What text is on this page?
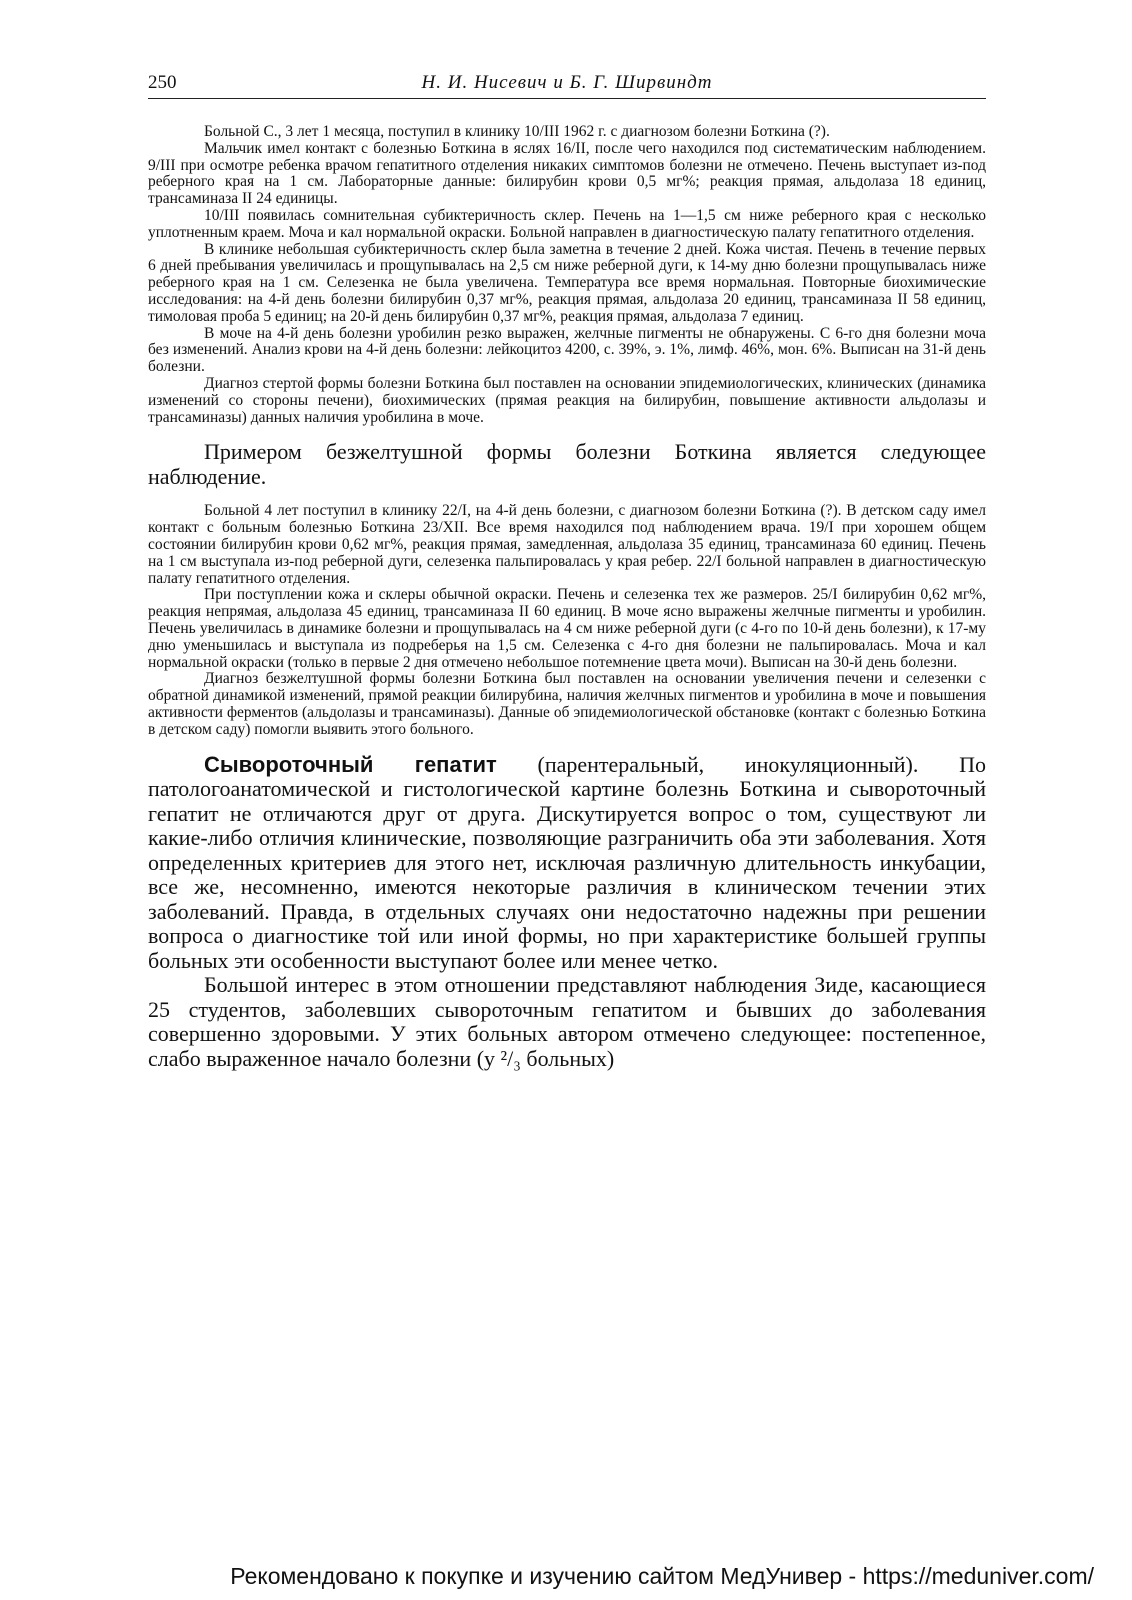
250	Н. И. Нисевич и Б. Г. Ширвиндт

Больной С., 3 лет 1 месяца, поступил в клинику 10/III 1962 г. с диагнозом болезни Боткина (?).

Мальчик имел контакт с болезнью Боткина в яслях 16/II, после чего находился под систематическим наблюдением. 9/III при осмотре ребенка врачом гепатитного отделения никаких симптомов болезни не отмечено. Печень выступает из-под реберного края на 1 см. Лабораторные данные: билирубин крови 0,5 мг%; реакция прямая, альдолаза 18 единиц, трансаминаза II 24 единицы.

10/III появилась сомнительная субиктеричность склер. Печень на 1—1,5 см ниже реберного края с несколько уплотненным краем. Моча и кал нормальной окраски. Больной направлен в диагностическую палату гепатитного отделения.

В клинике небольшая субиктеричность склер была заметна в течение 2 дней. Кожа чистая. Печень в течение первых 6 дней пребывания увеличилась и прощупывалась на 2,5 см ниже реберной дуги, к 14-му дню болезни прощупывалась ниже реберного края на 1 см. Селезенка не была увеличена. Температура все время нормальная. Повторные биохимические исследования: на 4-й день болезни билирубин 0,37 мг%, реакция прямая, альдолаза 20 единиц, трансаминаза II 58 единиц, тимоловая проба 5 единиц; на 20-й день билирубин 0,37 мг%, реакция прямая, альдолаза 7 единиц.

В моче на 4-й день болезни уробилин резко выражен, желчные пигменты не обнаружены. С 6-го дня болезни моча без изменений. Анализ крови на 4-й день болезни: лейкоцитоз 4200, с. 39%, э. 1%, лимф. 46%, мон. 6%. Выписан на 31-й день болезни.

Диагноз стертой формы болезни Боткина был поставлен на основании эпидемиологических, клинических (динамика изменений со стороны печени), биохимических (прямая реакция на билирубин, повышение активности альдолазы и трансаминазы) данных наличия уробилина в моче.

Примером безжелтушной формы болезни Боткина является следующее наблюдение.

Больной 4 лет поступил в клинику 22/I, на 4-й день болезни, с диагнозом болезни Боткина (?). В детском саду имел контакт с больным болезнью Боткина 23/XII. Все время находился под наблюдением врача. 19/I при хорошем общем состоянии билирубин крови 0,62 мг%, реакция прямая, замедленная, альдолаза 35 единиц, трансаминаза 60 единиц. Печень на 1 см выступала из-под реберной дуги, селезенка пальпировалась у края ребер. 22/I больной направлен в диагностическую палату гепатитного отделения.

При поступлении кожа и склеры обычной окраски. Печень и селезенка тех же размеров. 25/I билирубин 0,62 мг%, реакция непрямая, альдолаза 45 единиц, трансаминаза II 60 единиц. В моче ясно выражены желчные пигменты и уробилин. Печень увеличилась в динамике болезни и прощупывалась на 4 см ниже реберной дуги (с 4-го по 10-й день болезни), к 17-му дню уменьшилась и выступала из подреберья на 1,5 см. Селезенка с 4-го дня болезни не пальпировалась. Моча и кал нормальной окраски (только в первые 2 дня отмечено небольшое потемнение цвета мочи). Выписан на 30-й день болезни.

Диагноз безжелтушной формы болезни Боткина был поставлен на основании увеличения печени и селезенки с обратной динамикой изменений, прямой реакции билирубина, наличия желчных пигментов и уробилина в моче и повышения активности ферментов (альдолазы и трансаминазы). Данные об эпидемиологической обстановке (контакт с болезнью Боткина в детском саду) помогли выявить этого больного.

Сывороточный гепатит (парентеральный, инокуляционный). По патологоанатомической и гистологической картине болезнь Боткина и сывороточный гепатит не отличаются друг от друга. Дискутируется вопрос о том, существуют ли какие-либо отличия клинические, позволяющие разграничить оба эти заболевания. Хотя определенных критериев для этого нет, исключая различную длительность инкубации, все же, несомненно, имеются некоторые различия в клиническом течении этих заболеваний. Правда, в отдельных случаях они недостаточно надежны при решении вопроса о диагностике той или иной формы, но при характеристике большей группы больных эти особенности выступают более или менее четко.

Большой интерес в этом отношении представляют наблюдения Зиде, касающиеся 25 студентов, заболевших сывороточным гепатитом и бывших до заболевания совершенно здоровыми. У этих больных автором отмечено следующее: постепенное, слабо выраженное начало болезни (у ²/₃ больных)

Рекомендовано к покупке и изучению сайтом МедУнивер - https://meduniver.com/
